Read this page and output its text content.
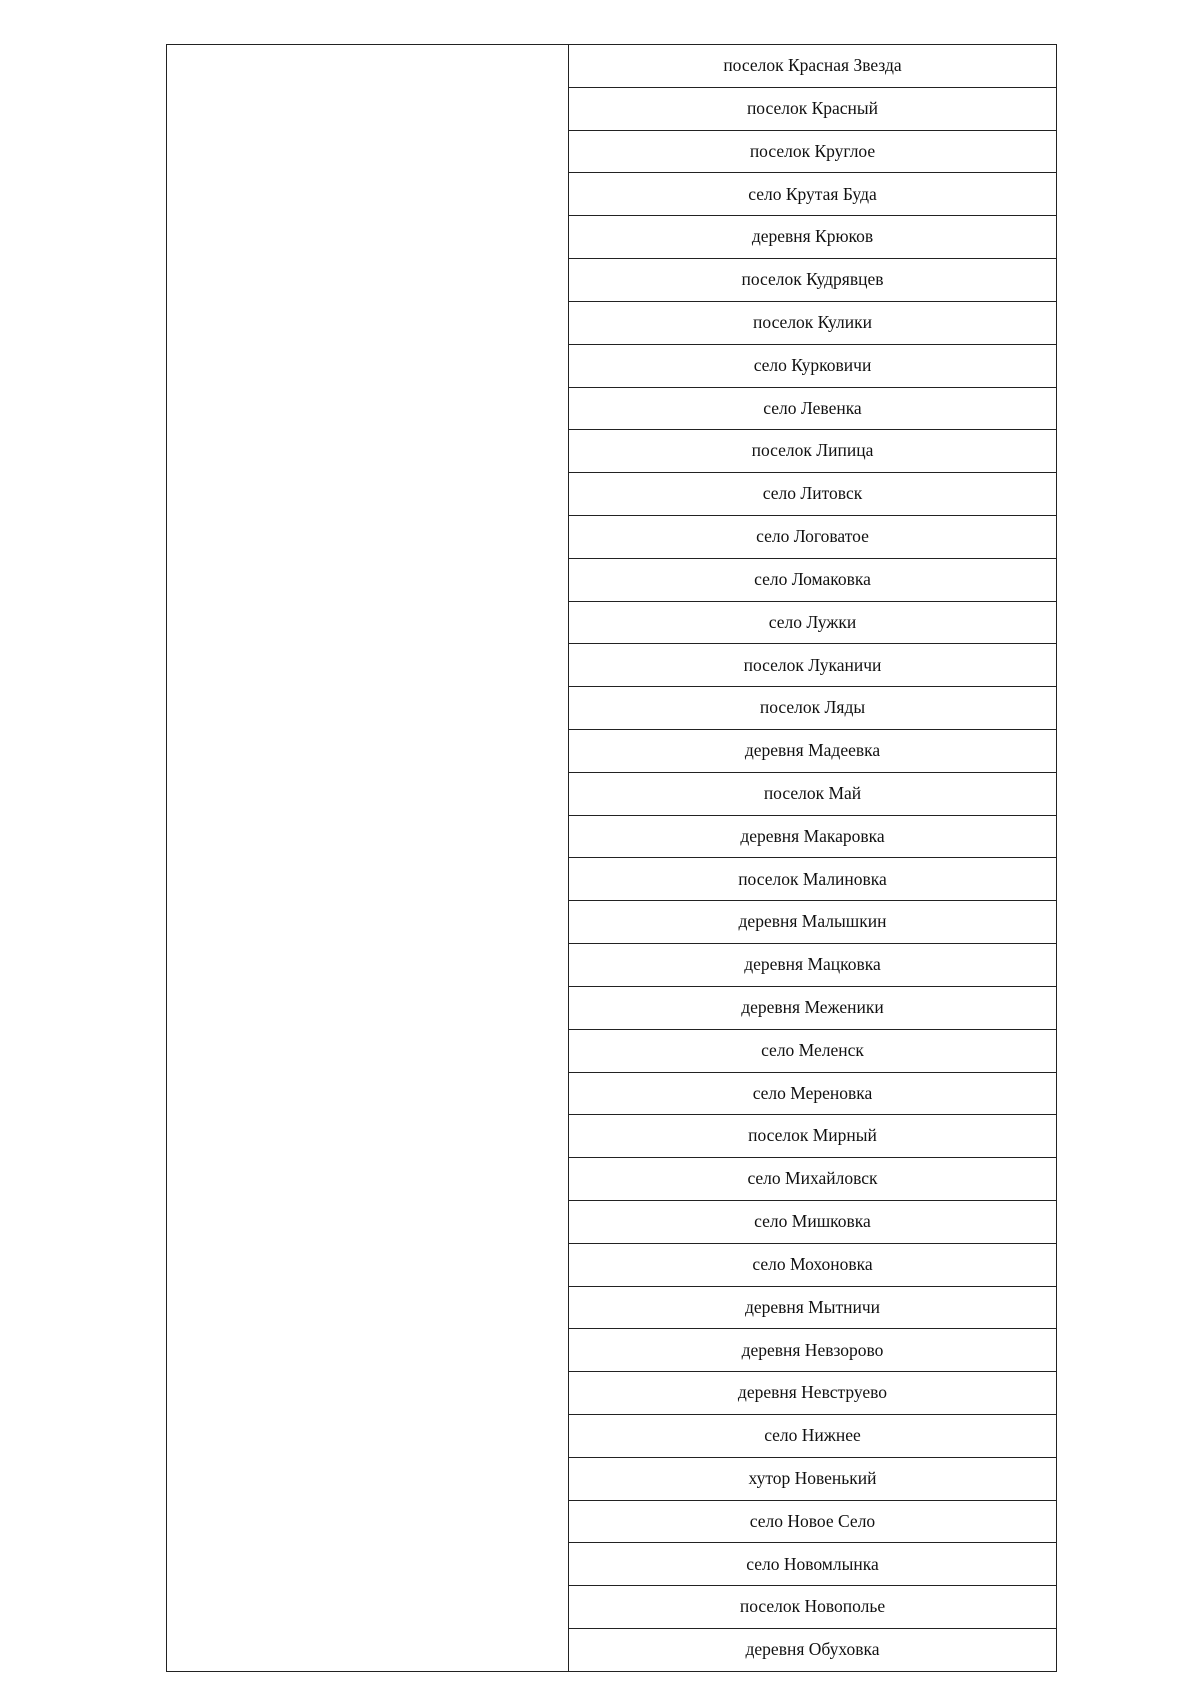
поселок Красная Звезда
поселок Красный
поселок Круглое
село Крутая Буда
деревня Крюков
поселок Кудрявцев
поселок Кулики
село Курковичи
село Левенка
поселок Липица
село Литовск
село Логоватое
село Ломаковка
село Лужки
поселок Луканичи
поселок Ляды
деревня Мадеевка
поселок Май
деревня Макаровка
поселок Малиновка
деревня Малышкин
деревня Мацковка
деревня Меженики
село Меленск
село Мереновка
поселок Мирный
село Михайловск
село Мишковка
село Мохоновка
деревня Мытничи
деревня Невзорово
деревня Невструево
село Нижнее
хутор Новенький
село Новое Село
село Новомлынка
поселок Новополье
деревня Обуховка
